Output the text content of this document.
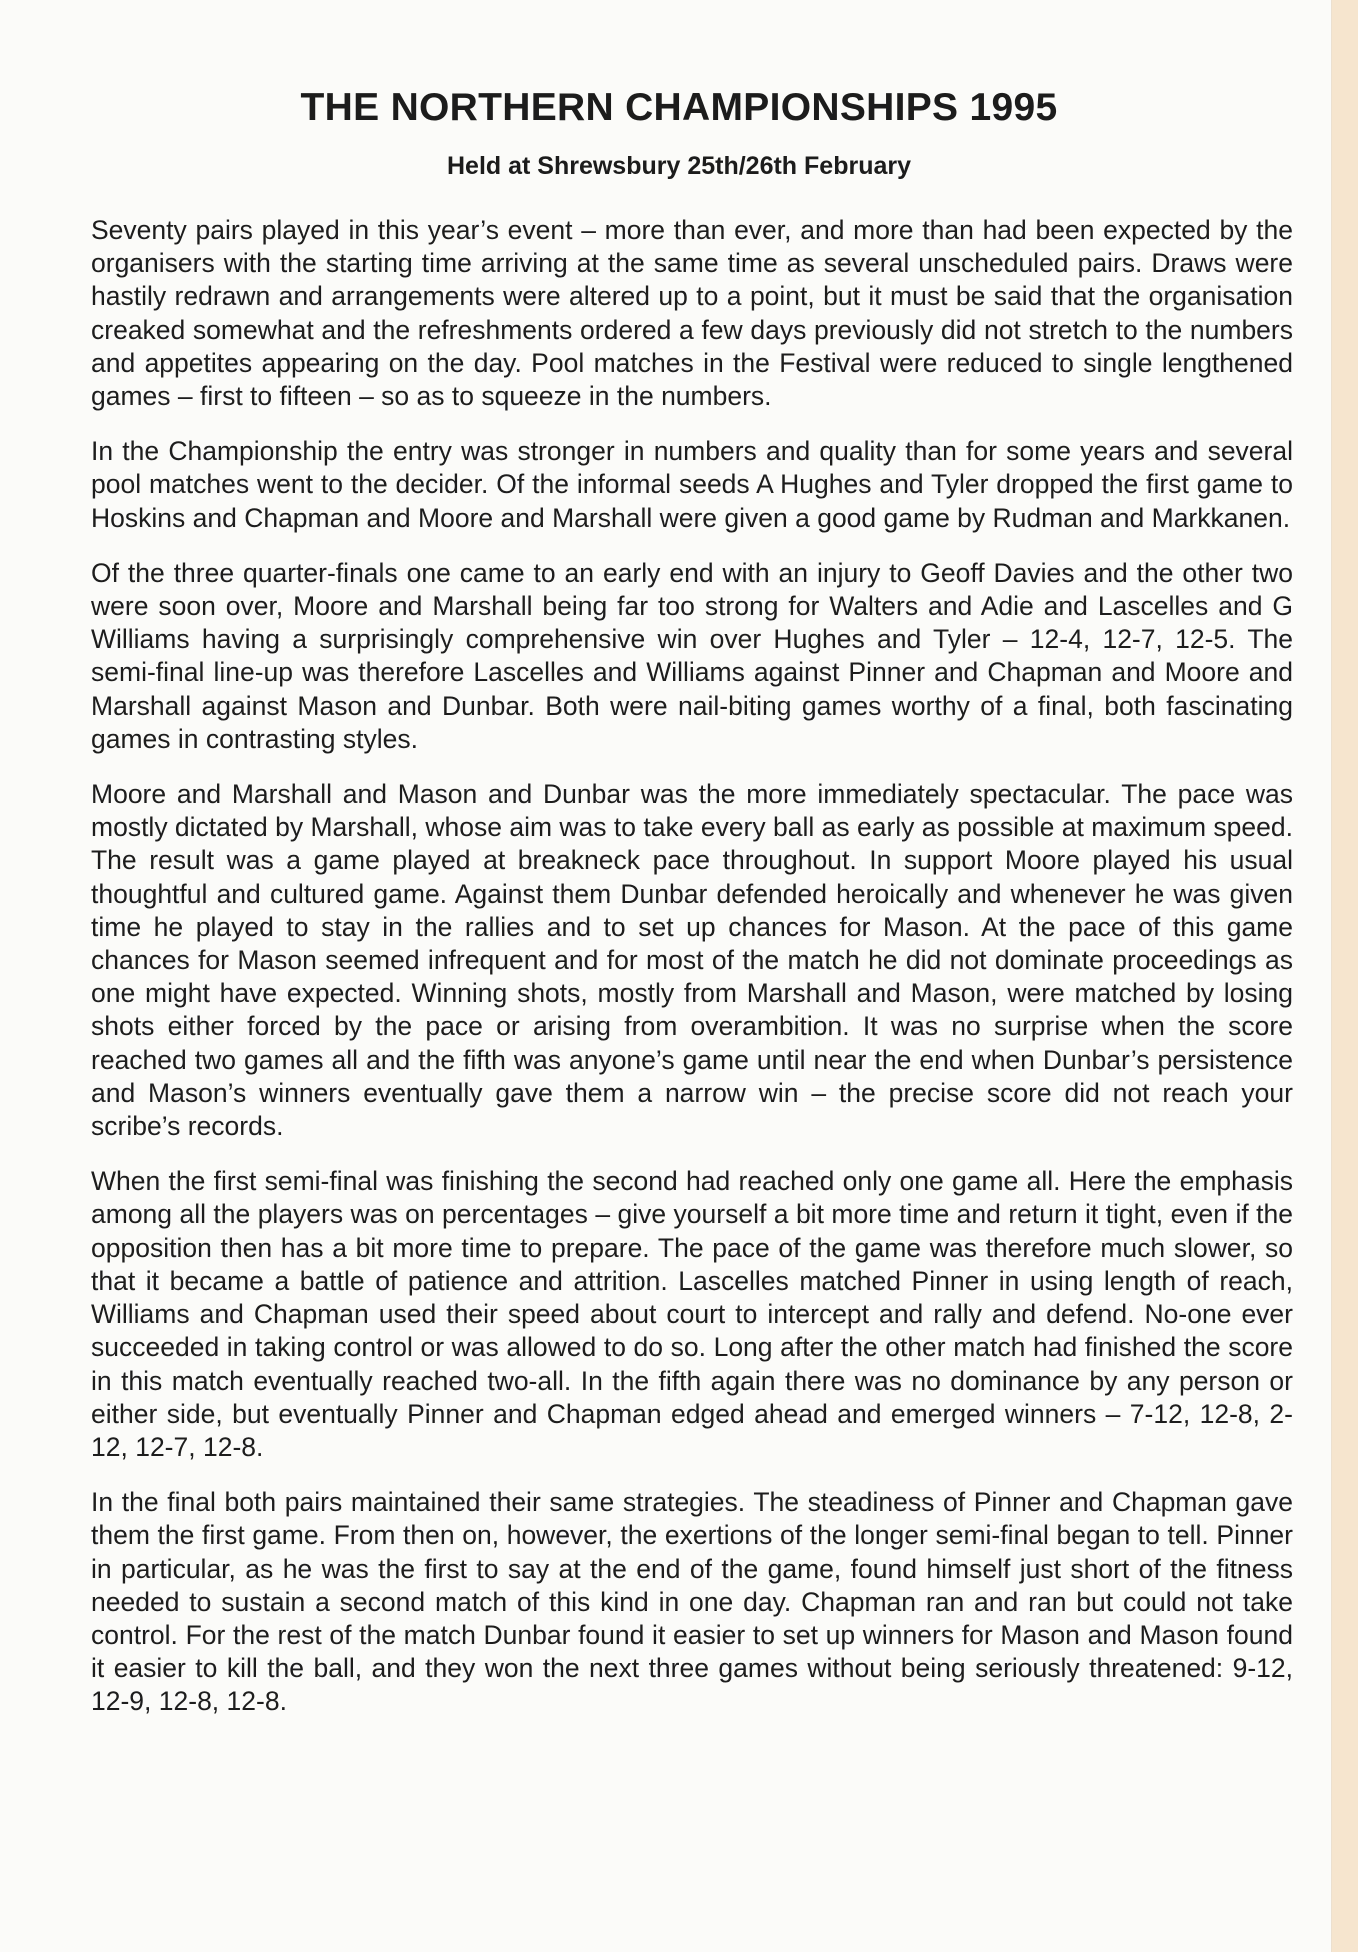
THE NORTHERN CHAMPIONSHIPS 1995
Held at Shrewsbury 25th/26th February

Seventy pairs played in this year’s event – more than ever, and more than had been expected by the organisers with the starting time arriving at the same time as several unscheduled pairs. Draws were hastily redrawn and arrangements were altered up to a point, but it must be said that the organisation creaked somewhat and the refreshments ordered a few days previously did not stretch to the numbers and appetites appearing on the day. Pool matches in the Festival were reduced to single lengthened games – first to fifteen – so as to squeeze in the numbers.

In the Championship the entry was stronger in numbers and quality than for some years and several pool matches went to the decider. Of the informal seeds A Hughes and Tyler dropped the first game to Hoskins and Chapman and Moore and Marshall were given a good game by Rudman and Markkanen.

Of the three quarter-finals one came to an early end with an injury to Geoff Davies and the other two were soon over, Moore and Marshall being far too strong for Walters and Adie and Lascelles and G Williams having a surprisingly comprehensive win over Hughes and Tyler – 12-4, 12-7, 12-5. The semi-final line-up was therefore Lascelles and Williams against Pinner and Chapman and Moore and Marshall against Mason and Dunbar. Both were nail-biting games worthy of a final, both fascinating games in contrasting styles.

Moore and Marshall and Mason and Dunbar was the more immediately spectacular. The pace was mostly dictated by Marshall, whose aim was to take every ball as early as possible at maximum speed. The result was a game played at breakneck pace throughout. In support Moore played his usual thoughtful and cultured game. Against them Dunbar defended heroically and whenever he was given time he played to stay in the rallies and to set up chances for Mason. At the pace of this game chances for Mason seemed infrequent and for most of the match he did not dominate proceedings as one might have expected. Winning shots, mostly from Marshall and Mason, were matched by losing shots either forced by the pace or arising from overambition. It was no surprise when the score reached two games all and the fifth was anyone’s game until near the end when Dunbar’s persistence and Mason’s winners eventually gave them a narrow win – the precise score did not reach your scribe’s records.

When the first semi-final was finishing the second had reached only one game all. Here the emphasis among all the players was on percentages – give yourself a bit more time and return it tight, even if the opposition then has a bit more time to prepare. The pace of the game was therefore much slower, so that it became a battle of patience and attrition. Lascelles matched Pinner in using length of reach, Williams and Chapman used their speed about court to intercept and rally and defend. No-one ever succeeded in taking control or was allowed to do so. Long after the other match had finished the score in this match eventually reached two-all. In the fifth again there was no dominance by any person or either side, but eventually Pinner and Chapman edged ahead and emerged winners – 7-12, 12-8, 2-12, 12-7, 12-8.

In the final both pairs maintained their same strategies. The steadiness of Pinner and Chapman gave them the first game. From then on, however, the exertions of the longer semi-final began to tell. Pinner in particular, as he was the first to say at the end of the game, found himself just short of the fitness needed to sustain a second match of this kind in one day. Chapman ran and ran but could not take control. For the rest of the match Dunbar found it easier to set up winners for Mason and Mason found it easier to kill the ball, and they won the next three games without being seriously threatened: 9-12, 12-9, 12-8, 12-8.
